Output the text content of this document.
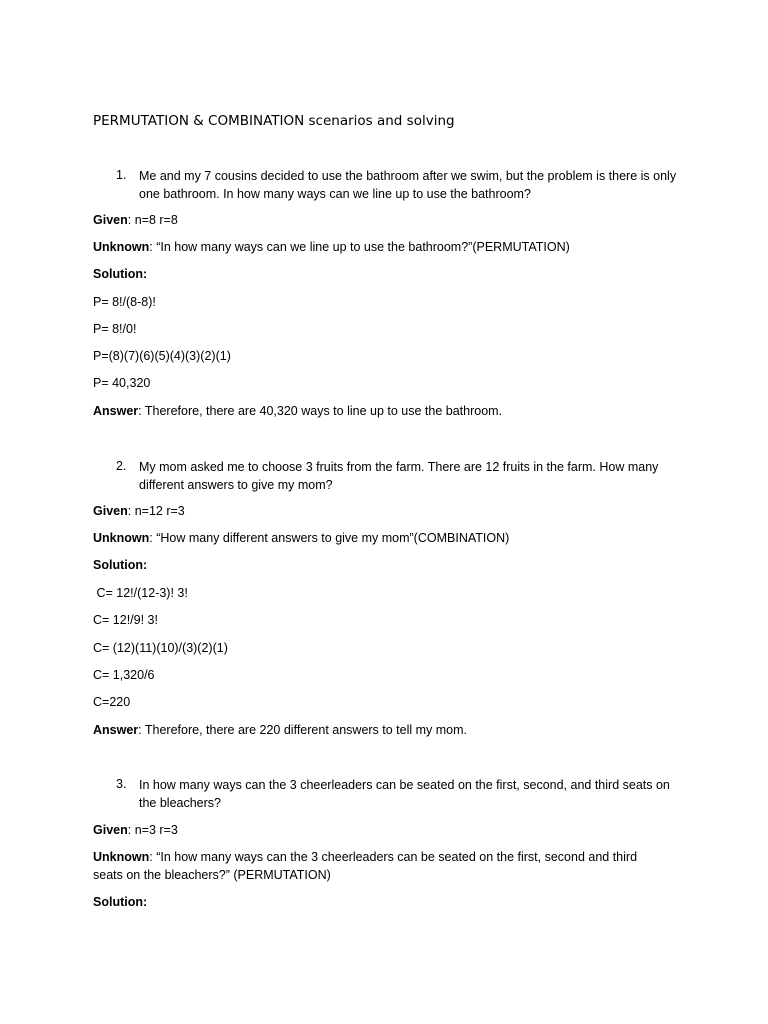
PERMUTATION & COMBINATION scenarios and solving
1. Me and my 7 cousins decided to use the bathroom after we swim, but the problem is there is only one bathroom. In how many ways can we line up to use the bathroom?
Given: n=8 r=8
Unknown: “In how many ways can we line up to use the bathroom?”(PERMUTATION)
Solution:
P= 8!/(8-8)!
P= 8!/0!
P=(8)(7)(6)(5)(4)(3)(2)(1)
P= 40,320
Answer: Therefore, there are 40,320 ways to line up to use the bathroom.
2. My mom asked me to choose 3 fruits from the farm. There are 12 fruits in the farm. How many different answers to give my mom?
Given: n=12 r=3
Unknown: “How many different answers to give my mom”(COMBINATION)
Solution:
C= 12!/(12-3)! 3!
C= 12!/9! 3!
C= (12)(11)(10)/(3)(2)(1)
C= 1,320/6
C=220
Answer: Therefore, there are 220 different answers to tell my mom.
3. In how many ways can the 3 cheerleaders can be seated on the first, second, and third seats on the bleachers?
Given: n=3 r=3
Unknown: “In how many ways can the 3 cheerleaders can be seated on the first, second and third
seats on the bleachers?” (PERMUTATION)
Solution:
